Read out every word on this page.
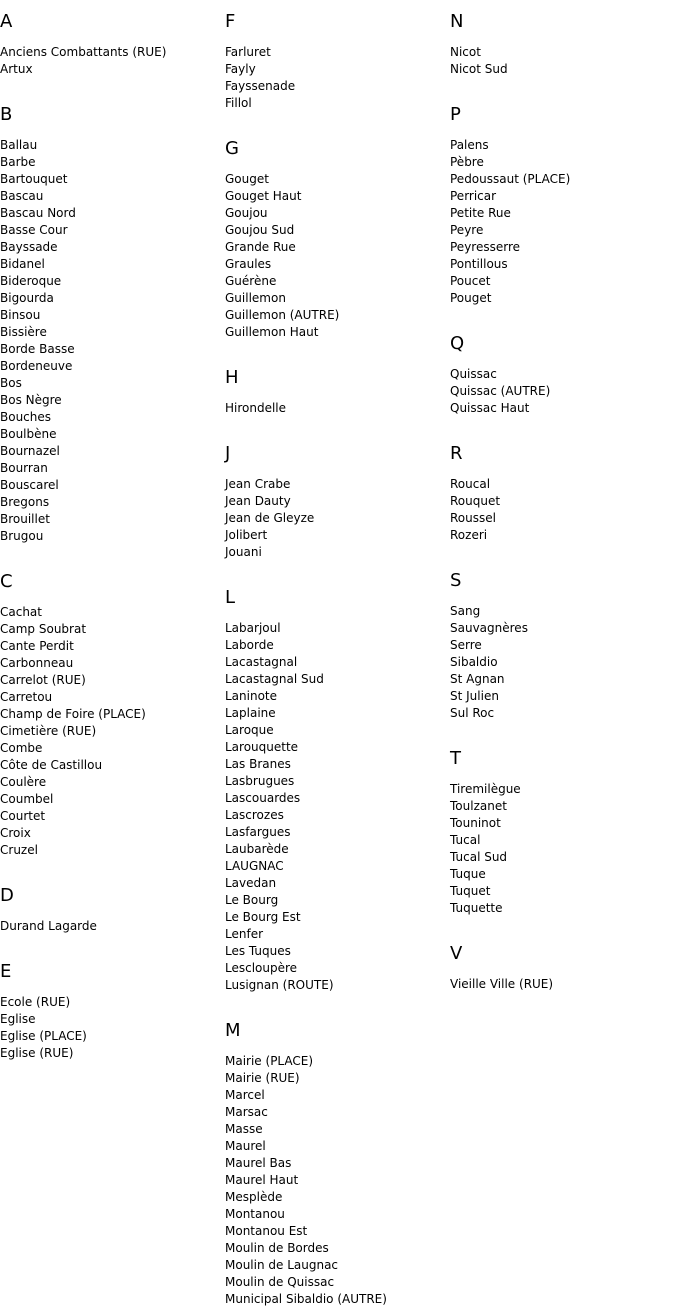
A
Anciens Combattants (RUE)
Artux
B
Ballau
Barbe
Bartouquet
Bascau
Bascau Nord
Basse Cour
Bayssade
Bidanel
Bideroque
Bigourda
Binsou
Bissière
Borde Basse
Bordeneuve
Bos
Bos Nègre
Bouches
Boulbène
Bournazel
Bourran
Bouscarel
Bregons
Brouillet
Brugou
C
Cachat
Camp Soubrat
Cante Perdit
Carbonneau
Carrelot (RUE)
Carretou
Champ de Foire (PLACE)
Cimetière (RUE)
Combe
Côte de Castillou
Coulère
Coumbel
Courtet
Croix
Cruzel
D
Durand Lagarde
E
Ecole (RUE)
Eglise
Eglise (PLACE)
Eglise (RUE)
F
Farluret
Fayly
Fayssenade
Fillol
G
Gouget
Gouget Haut
Goujou
Goujou Sud
Grande Rue
Graules
Guérène
Guillemon
Guillemon (AUTRE)
Guillemon Haut
H
Hirondelle
J
Jean Crabe
Jean Dauty
Jean de Gleyze
Jolibert
Jouani
L
Labarjoul
Laborde
Lacastagnal
Lacastagnal Sud
Laninote
Laplaine
Laroque
Larouquette
Las Branes
Lasbrugues
Lascouardes
Lascrozes
Lasfargues
Laubarède
LAUGNAC
Lavedan
Le Bourg
Le Bourg Est
Lenfer
Les Tuques
Lescloupère
Lusignan (ROUTE)
M
Mairie (PLACE)
Mairie (RUE)
Marcel
Marsac
Masse
Maurel
Maurel Bas
Maurel Haut
Mesplède
Montanou
Montanou Est
Moulin de Bordes
Moulin de Laugnac
Moulin de Quissac
Municipal Sibaldio (AUTRE)
N
Nicot
Nicot Sud
P
Palens
Pèbre
Pedoussaut (PLACE)
Perricar
Petite Rue
Peyre
Peyresserre
Pontillous
Poucet
Pouget
Q
Quissac
Quissac (AUTRE)
Quissac Haut
R
Roucal
Rouquet
Roussel
Rozeri
S
Sang
Sauvagnères
Serre
Sibaldio
St Agnan
St Julien
Sul Roc
T
Tiremilègue
Toulzanet
Touninot
Tucal
Tucal Sud
Tuque
Tuquet
Tuquette
V
Vieille Ville (RUE)
